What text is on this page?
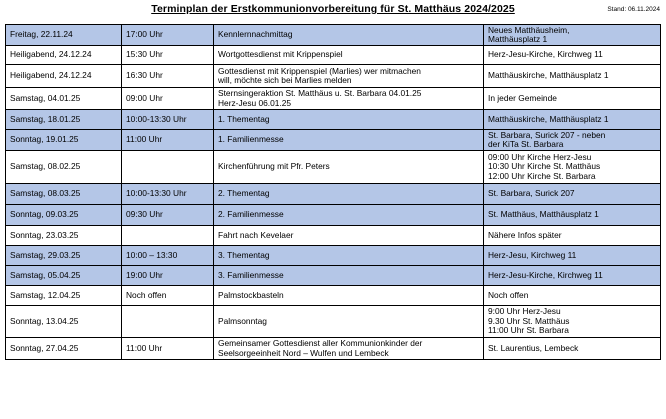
Terminplan der Erstkommunionvorbereitung für St. Matthäus 2024/2025	Stand: 06.11.2024
Freitag, 22.11.24	17:00 Uhr	Kennlernnachmittag	Neues Matthäusheim,
Matthäusplatz 1

Heiligabend, 24.12.24	15:30 Uhr	Wortgottesdienst mit Krippenspiel	Herz-Jesu-Kirche, Kirchweg 11

Heiligabend, 24.12.24	16:30 Uhr	Gottesdienst mit Krippenspiel (Marlies) wer mitmachen
will, möchte sich bei Marlies melden	Matthäuskirche, Matthäusplatz 1

Samstag, 04.01.25	09:00 Uhr	Sternsingeraktion St. Matthäus u. St. Barbara 04.01.25
Herz-Jesu 06.01.25	In jeder Gemeinde

Samstag, 18.01.25	10:00-13:30 Uhr	1. Thementag	Matthäuskirche, Matthäusplatz 1

Sonntag, 19.01.25	11:00 Uhr	1. Familienmesse	St. Barbara, Surick 207 - neben
der KiTa St. Barbara

Samstag, 08.02.25		Kirchenführung mit Pfr. Peters	09:00 Uhr Kirche Herz-Jesu
10:30 Uhr Kirche St. Matthäus
12:00 Uhr Kirche St. Barbara

Samstag, 08.03.25	10:00-13:30 Uhr	2. Thementag	St. Barbara, Surick 207

Sonntag, 09.03.25	09:30 Uhr	2. Familienmesse	St. Matthäus, Matthäusplatz 1

Sonntag, 23.03.25		Fahrt nach Kevelaer	Nähere Infos später

Samstag, 29.03.25	10:00 – 13:30	3. Thementag	Herz-Jesu, Kirchweg 11

Samstag, 05.04.25	19:00 Uhr	3. Familienmesse	Herz-Jesu-Kirche, Kirchweg 11

Samstag, 12.04.25	Noch offen	Palmstockbasteln	Noch offen

Sonntag, 13.04.25		Palmsonntag	9:00 Uhr Herz-Jesu
9.30 Uhr St. Matthäus
11:00 Uhr St. Barbara

Sonntag, 27.04.25	11:00 Uhr	Gemeinsamer Gottesdienst aller Kommunionkinder der
Seelsorgeeinheit Nord – Wulfen und Lembeck	St. Laurentius, Lembeck
